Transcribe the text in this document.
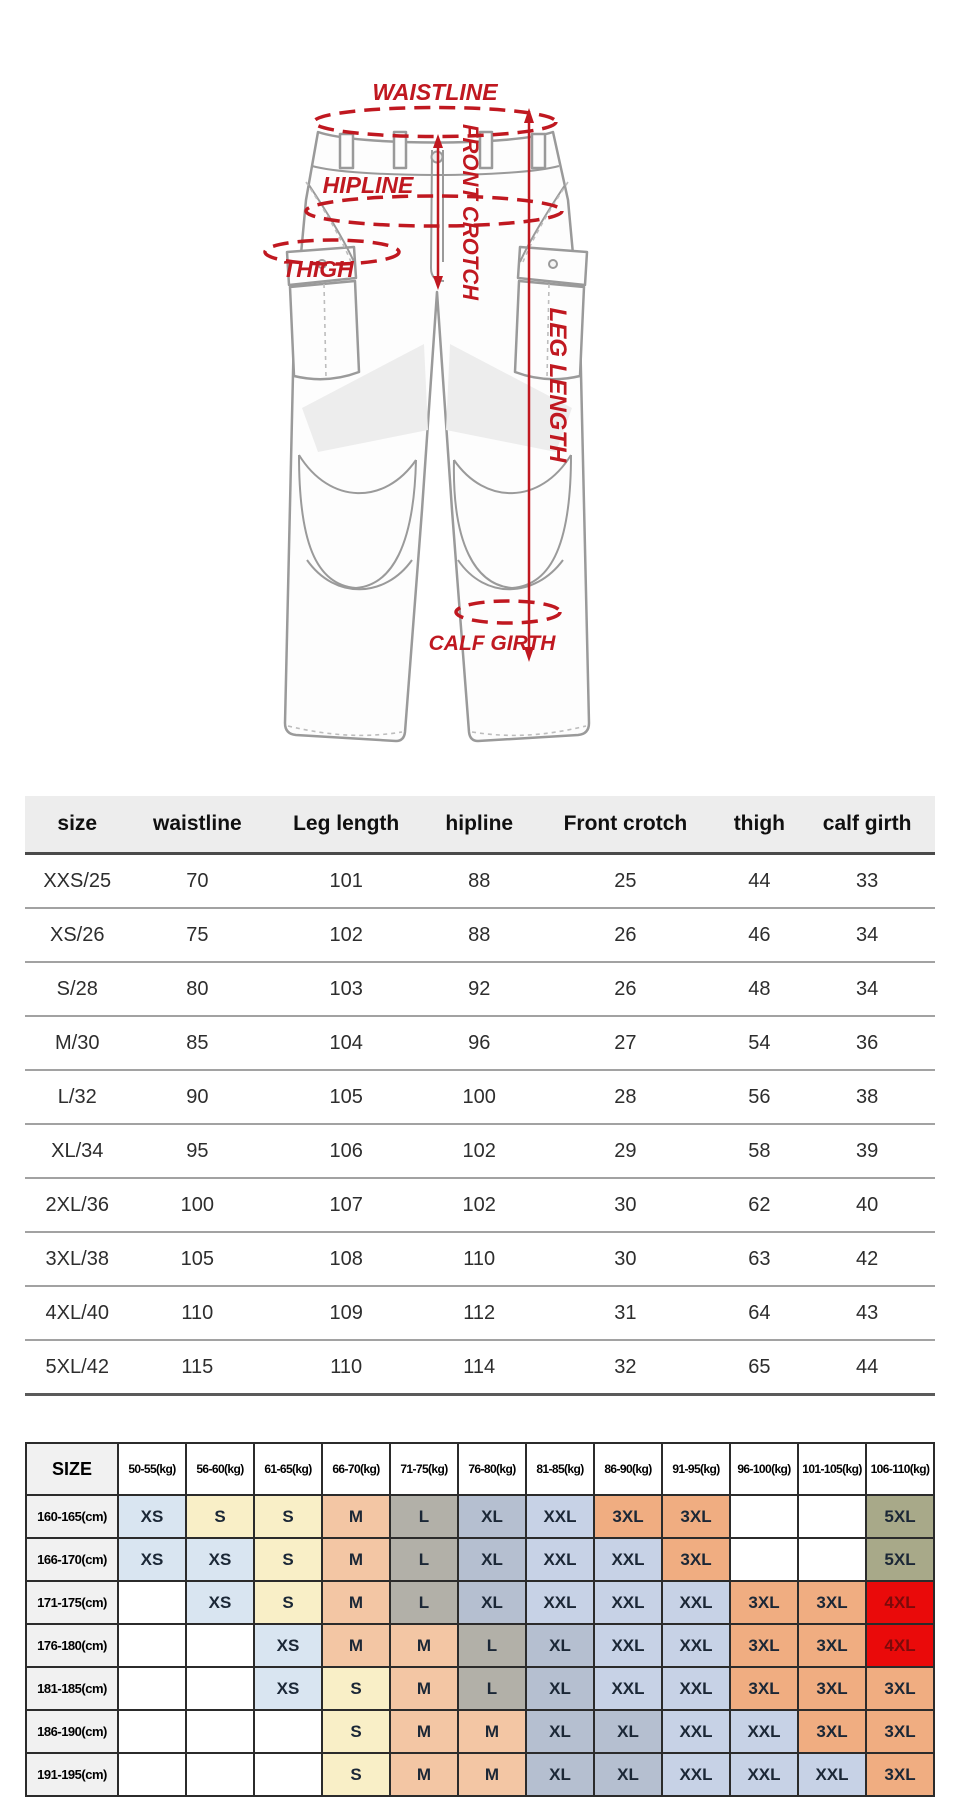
WAISTLINE
FRONT CROTCH
HIPLINE
THIGH
LEG LENGTH
CALF GIRTH
size	waistline	Leg length	hipline	Front crotch	thigh	calf girth
XXS/25	70	101	88	25	44	33
XS/26	75	102	88	26	46	34
S/28	80	103	92	26	48	34
M/30	85	104	96	27	54	36
L/32	90	105	100	28	56	38
XL/34	95	106	102	29	58	39
2XL/36	100	107	102	30	62	40
3XL/38	105	108	110	30	63	42
4XL/40	110	109	112	31	64	43
5XL/42	115	110	114	32	65	44
SIZE	50-55(kg)	56-60(kg)	61-65(kg)	66-70(kg)	71-75(kg)	76-80(kg)	81-85(kg)	86-90(kg)	91-95(kg)	96-100(kg)	101-105(kg)	106-110(kg)
160-165(cm)	XS	S	S	M	L	XL	XXL	3XL	3XL			5XL
166-170(cm)	XS	XS	S	M	L	XL	XXL	XXL	3XL			5XL
171-175(cm)		XS	S	M	L	XL	XXL	XXL	XXL	3XL	3XL	4XL
176-180(cm)			XS	M	M	L	XL	XXL	XXL	3XL	3XL	4XL
181-185(cm)			XS	S	M	L	XL	XXL	XXL	3XL	3XL	3XL
186-190(cm)				S	M	M	XL	XL	XXL	XXL	3XL	3XL
191-195(cm)				S	M	M	XL	XL	XXL	XXL	XXL	3XL
